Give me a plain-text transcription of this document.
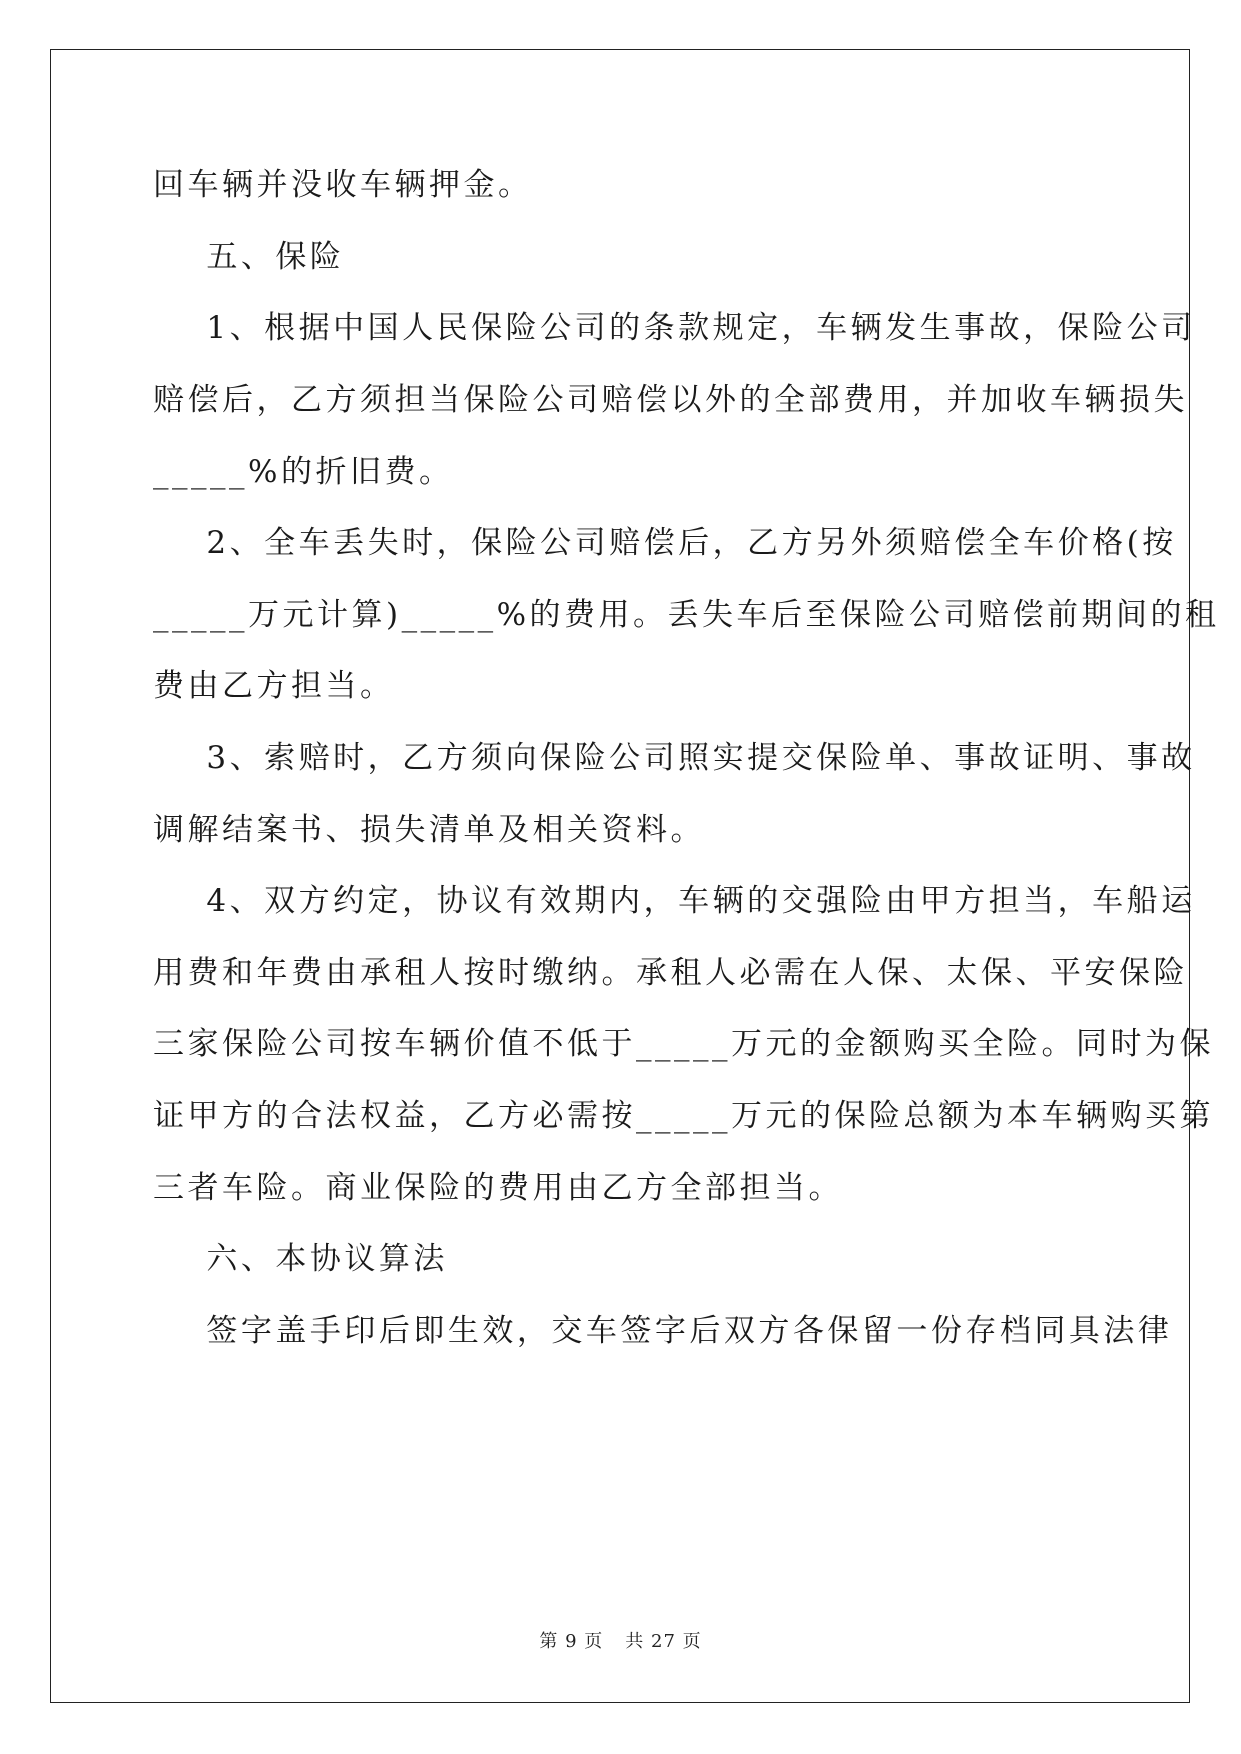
回车辆并没收车辆押金。
五、保险
1、根据中国人民保险公司的条款规定，车辆发生事故，保险公司
赔偿后，乙方须担当保险公司赔偿以外的全部费用，并加收车辆损失
_____%的折旧费。
2、全车丢失时，保险公司赔偿后，乙方另外须赔偿全车价格(按
_____万元计算)_____%的费用。丢失车后至保险公司赔偿前期间的租
费由乙方担当。
3、索赔时，乙方须向保险公司照实提交保险单、事故证明、事故
调解结案书、损失清单及相关资料。
4、双方约定，协议有效期内，车辆的交强险由甲方担当，车船运
用费和年费由承租人按时缴纳。承租人必需在人保、太保、平安保险
三家保险公司按车辆价值不低于_____万元的金额购买全险。同时为保
证甲方的合法权益，乙方必需按_____万元的保险总额为本车辆购买第
三者车险。商业保险的费用由乙方全部担当。
六、本协议算法
签字盖手印后即生效，交车签字后双方各保留一份存档同具法律
第 9 页 共 27 页
